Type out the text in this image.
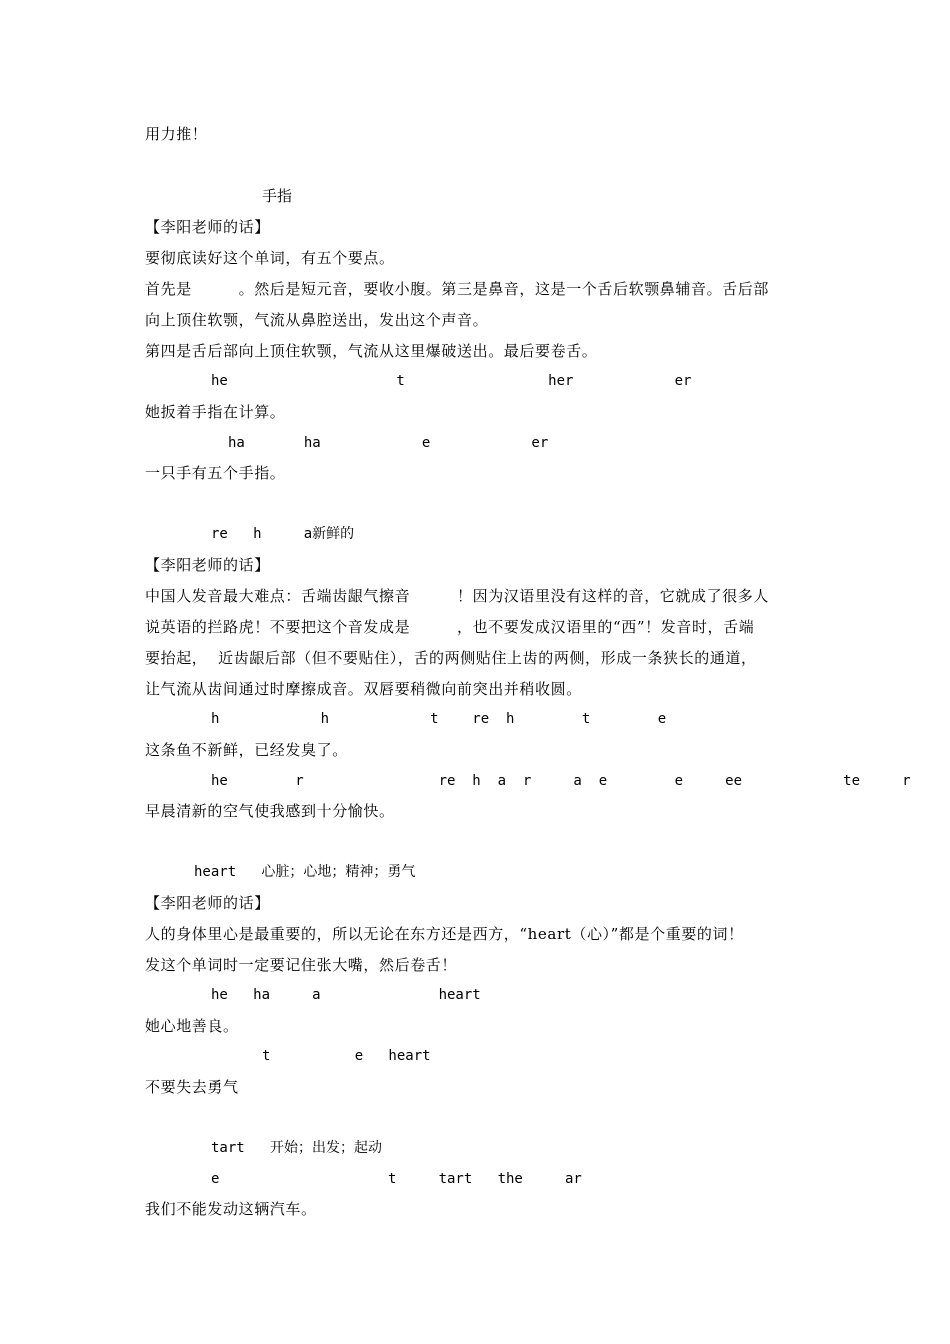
用力推！
手指
【李阳老师的话】
要彻底读好这个单词，有五个要点。
首先是　　　。然后是短元音，要收小腹。第三是鼻音，这是一个舌后软颚鼻辅音。舌后部
向上顶住软颚，气流从鼻腔送出，发出这个声音。
第四是舌后部向上顶住软颚，气流从这里爆破送出。最后要卷舌。
he                    t                 her            er
她扳着手指在计算。
ha       ha            e            er
一只手有五个手指。
re   h     a新鲜的
【李阳老师的话】
中国人发音最大难点：舌端齿龈气擦音　　　！因为汉语里没有这样的音，它就成了很多人
说英语的拦路虎！不要把这个音发成是　　　，也不要发成汉语里的“西”！发音时，舌端
要抬起，  近齿龈后部（但不要贴住），舌的两侧贴住上齿的两侧，形成一条狭长的通道，
让气流从齿间通过时摩擦成音。双唇要稍微向前突出并稍收圆。
h            h            t    re  h        t        e
这条鱼不新鲜，已经发臭了。
he        r                re  h  a  r     a  e        e     ee            te     r
早晨清新的空气使我感到十分愉快。
heart   心脏；心地；精神；勇气
【李阳老师的话】
人的身体里心是最重要的，所以无论在东方还是西方，“heart（心）”都是个重要的词！
发这个单词时一定要记住张大嘴，然后卷舌！
he   ha     a              heart
她心地善良。
t          e   heart
不要失去勇气
tart   开始；出发；起动
e                    t     tart   the     ar
我们不能发动这辆汽车。
